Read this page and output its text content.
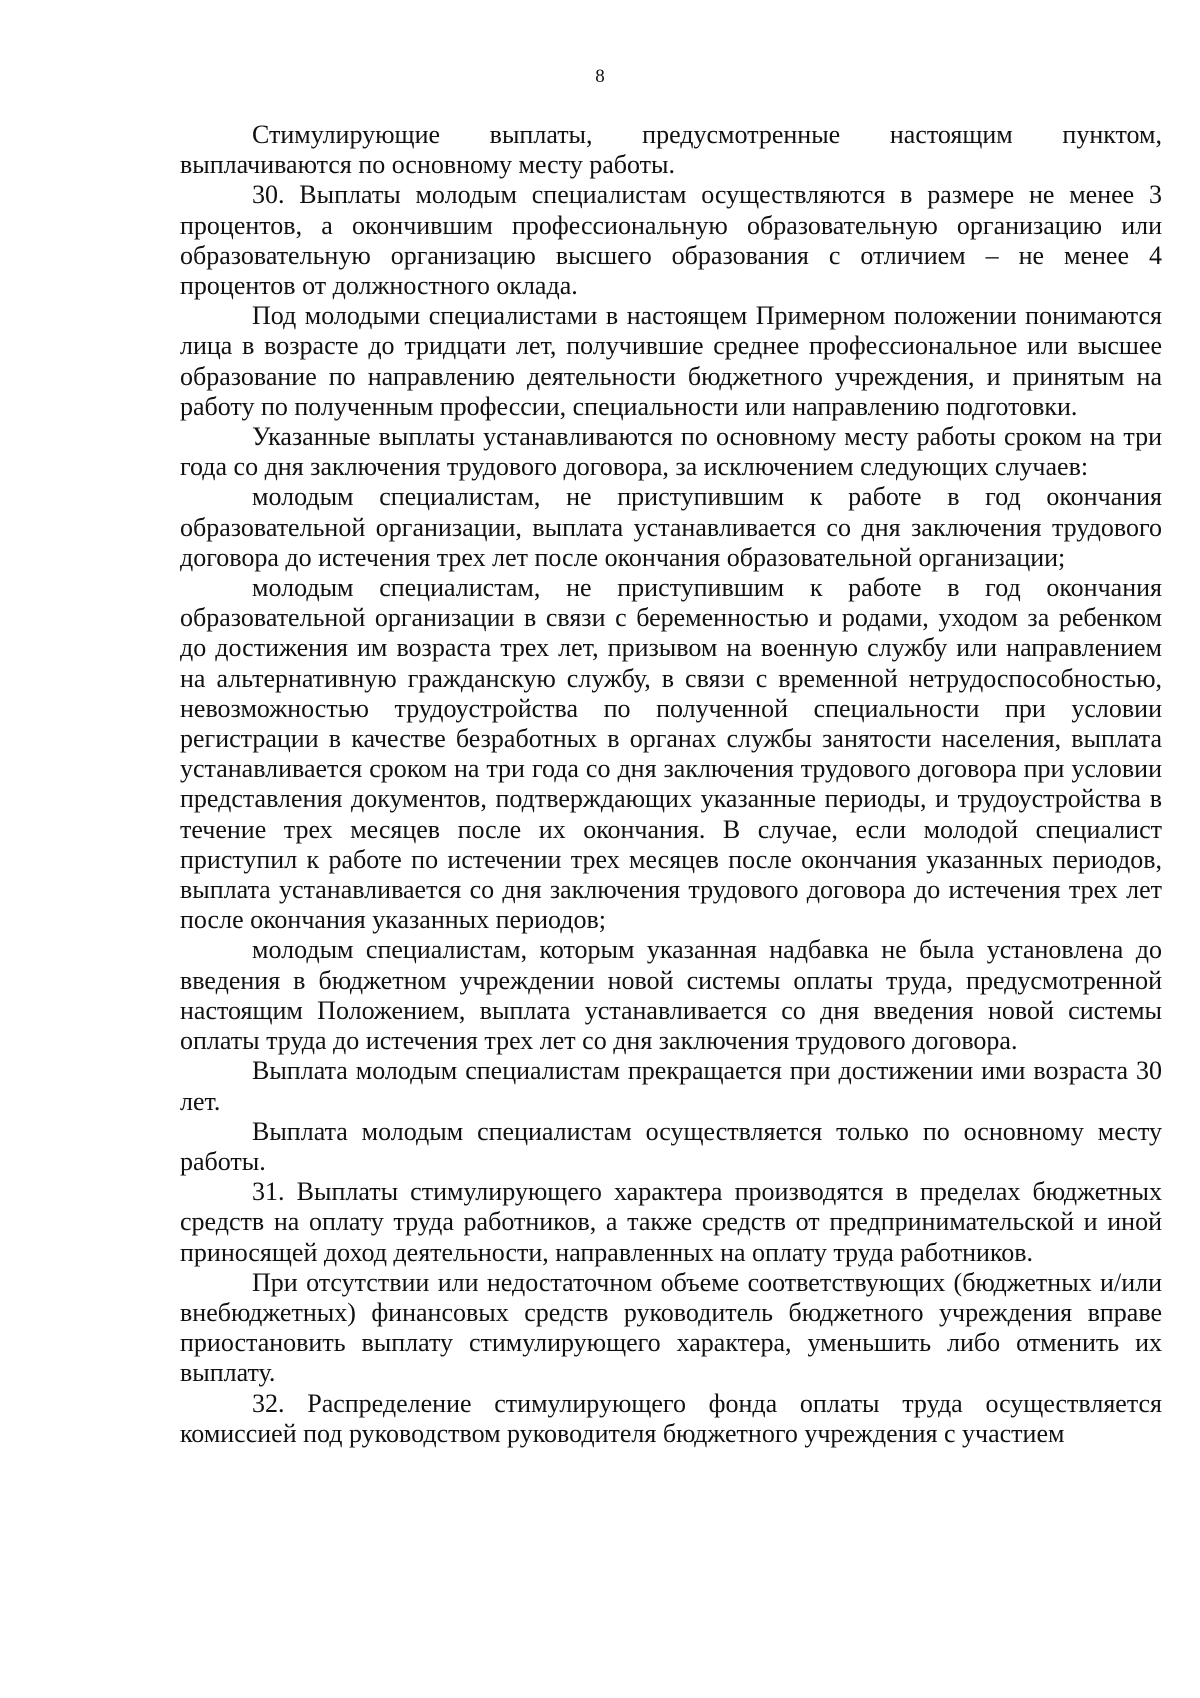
8

Стимулирующие выплаты, предусмотренные настоящим пунктом, выплачиваются по основному месту работы.

30. Выплаты молодым специалистам осуществляются в размере не менее 3 процентов, а окончившим профессиональную образовательную организацию или образовательную организацию высшего образования с отличием – не менее 4 процентов от должностного оклада.

Под молодыми специалистами в настоящем Примерном положении понимаются лица в возрасте до тридцати лет, получившие среднее профессиональное или высшее образование по направлению деятельности бюджетного учреждения, и принятым на работу по полученным профессии, специальности или направлению подготовки.

Указанные выплаты устанавливаются по основному месту работы сроком на три года со дня заключения трудового договора, за исключением следующих случаев:

молодым специалистам, не приступившим к работе в год окончания образовательной организации, выплата устанавливается со дня заключения трудового договора до истечения трех лет после окончания образовательной организации;

молодым специалистам, не приступившим к работе в год окончания образовательной организации в связи с беременностью и родами, уходом за ребенком до достижения им возраста трех лет, призывом на военную службу или направлением на альтернативную гражданскую службу, в связи с временной нетрудоспособностью, невозможностью трудоустройства по полученной специальности при условии регистрации в качестве безработных в органах службы занятости населения, выплата устанавливается сроком на три года со дня заключения трудового договора при условии представления документов, подтверждающих указанные периоды, и трудоустройства в течение трех месяцев после их окончания. В случае, если молодой специалист приступил к работе по истечении трех месяцев после окончания указанных периодов, выплата устанавливается со дня заключения трудового договора до истечения трех лет после окончания указанных периодов;

молодым специалистам, которым указанная надбавка не была установлена до введения в бюджетном учреждении новой системы оплаты труда, предусмотренной настоящим Положением, выплата устанавливается со дня введения новой системы оплаты труда до истечения трех лет со дня заключения трудового договора.

Выплата молодым специалистам прекращается при достижении ими возраста 30 лет.

Выплата молодым специалистам осуществляется только по основному месту работы.

31. Выплаты стимулирующего характера производятся в пределах бюджетных средств на оплату труда работников, а также средств от предпринимательской и иной приносящей доход деятельности, направленных на оплату труда работников.

При отсутствии или недостаточном объеме соответствующих (бюджетных и/или внебюджетных) финансовых средств руководитель бюджетного учреждения вправе приостановить выплату стимулирующего характера, уменьшить либо отменить их выплату.

32. Распределение стимулирующего фонда оплаты труда осуществляется комиссией под руководством руководителя бюджетного учреждения с участием
